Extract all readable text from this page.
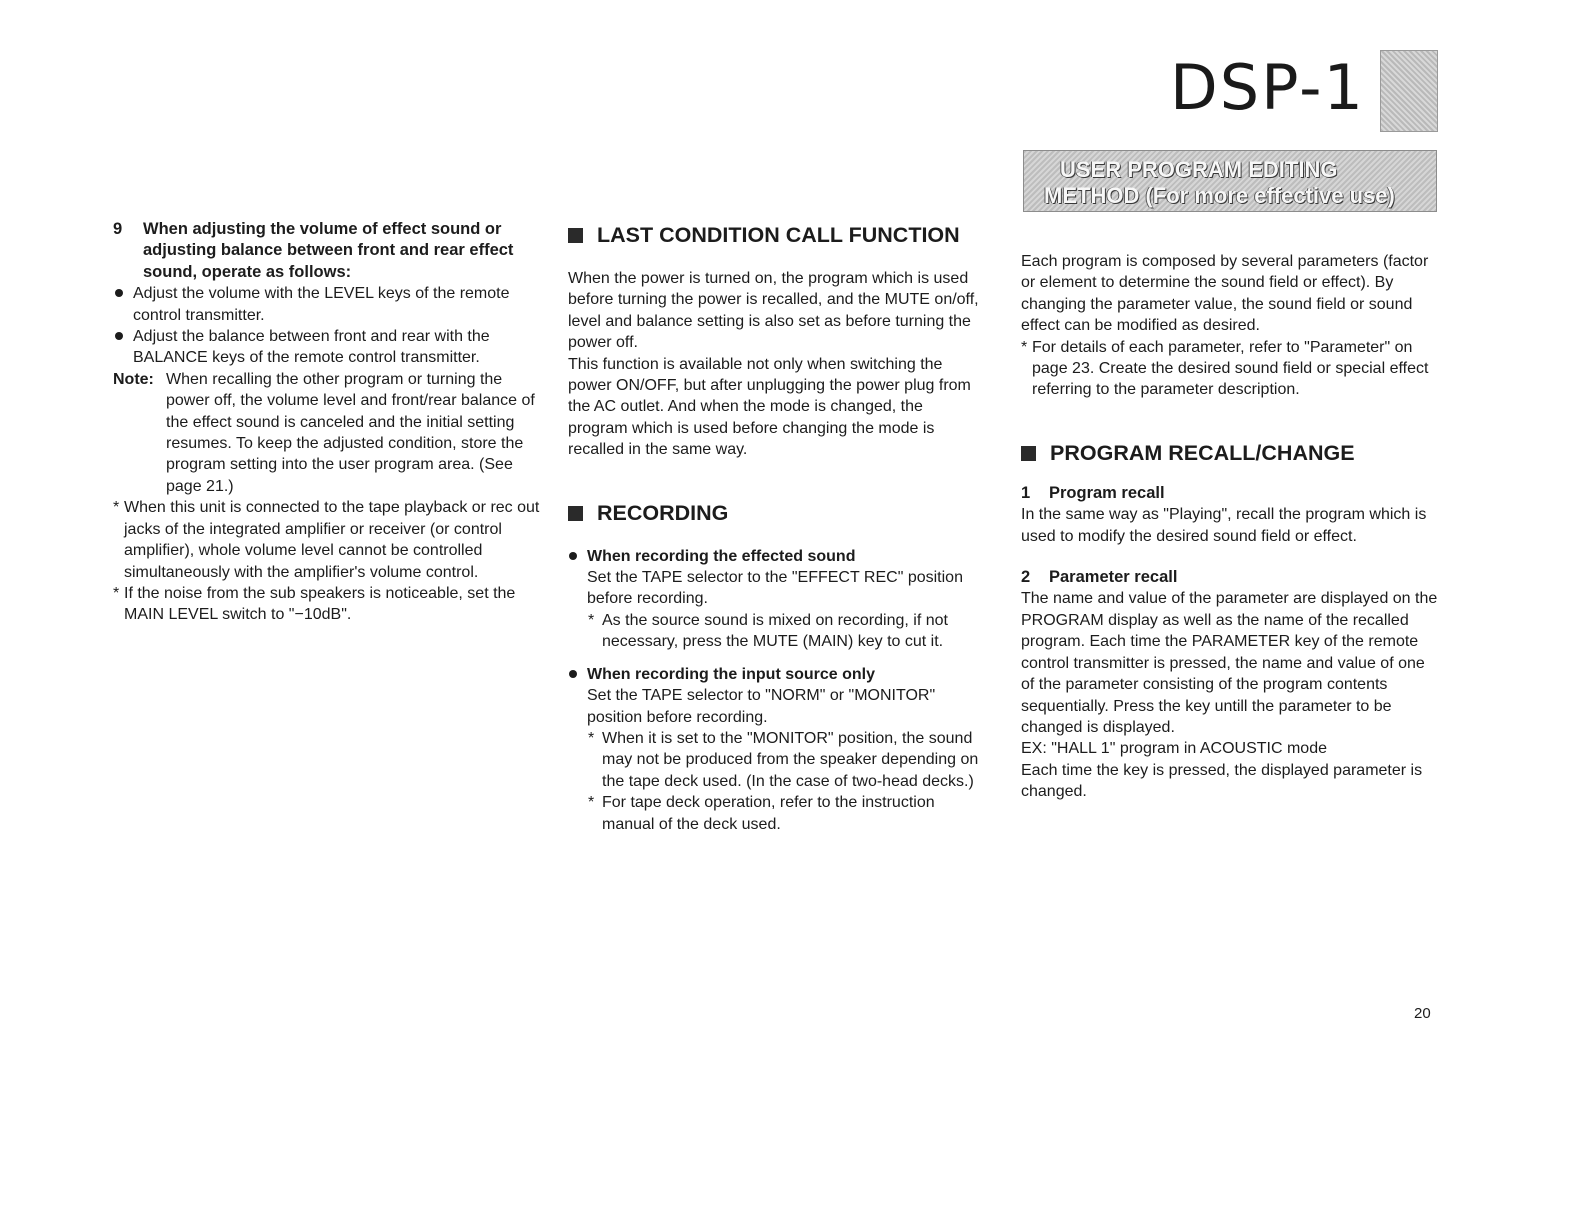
DSP-1
USER PROGRAM EDITING
METHOD (For more effective use)
9 When adjusting the volume of effect sound or adjusting balance between front and rear effect sound, operate as follows:
Adjust the volume with the LEVEL keys of the remote control transmitter.
Adjust the balance between front and rear with the BALANCE keys of the remote control transmitter.
Note: When recalling the other program or turning the power off, the volume level and front/rear balance of the effect sound is canceled and the initial setting resumes. To keep the adjusted condition, store the program setting into the user program area. (See page 21.)
* When this unit is connected to the tape playback or rec out jacks of the integrated amplifier or receiver (or control amplifier), whole volume level cannot be controlled simultaneously with the amplifier's volume control.
* If the noise from the sub speakers is noticeable, set the MAIN LEVEL switch to "−10dB".
LAST CONDITION CALL FUNCTION

When the power is turned on, the program which is used before turning the power is recalled, and the MUTE on/off, level and balance setting is also set as before turning the power off.

This function is available not only when switching the power ON/OFF, but after unplugging the power plug from the AC outlet. And when the mode is changed, the program which is used before changing the mode is recalled in the same way.

RECORDING
When recording the effected sound

Set the TAPE selector to the "EFFECT REC" position before recording.

* As the source sound is mixed on recording, if not necessary, press the MUTE (MAIN) key to cut it.
When recording the input source only

Set the TAPE selector to "NORM" or "MONITOR" position before recording.

* When it is set to the "MONITOR" position, the sound may not be produced from the speaker depending on the tape deck used. (In the case of two-head decks.)
* For tape deck operation, refer to the instruction manual of the deck used.

Each program is composed by several parameters (factor or element to determine the sound field or effect). By changing the parameter value, the sound field or sound effect can be modified as desired.

* For details of each parameter, refer to "Parameter" on page 23. Create the desired sound field or special effect referring to the parameter description.
PROGRAM RECALL/CHANGE
1 Program recall

In the same way as "Playing", recall the program which is used to modify the desired sound field or effect.

2 Parameter recall

The name and value of the parameter are displayed on the PROGRAM display as well as the name of the recalled program. Each time the PARAMETER key of the remote control transmitter is pressed, the name and value of one of the parameter consisting of the program contents sequentially. Press the key untill the parameter to be changed is displayed.

EX: "HALL 1" program in ACOUSTIC mode

Each time the key is pressed, the displayed parameter is changed.

20
